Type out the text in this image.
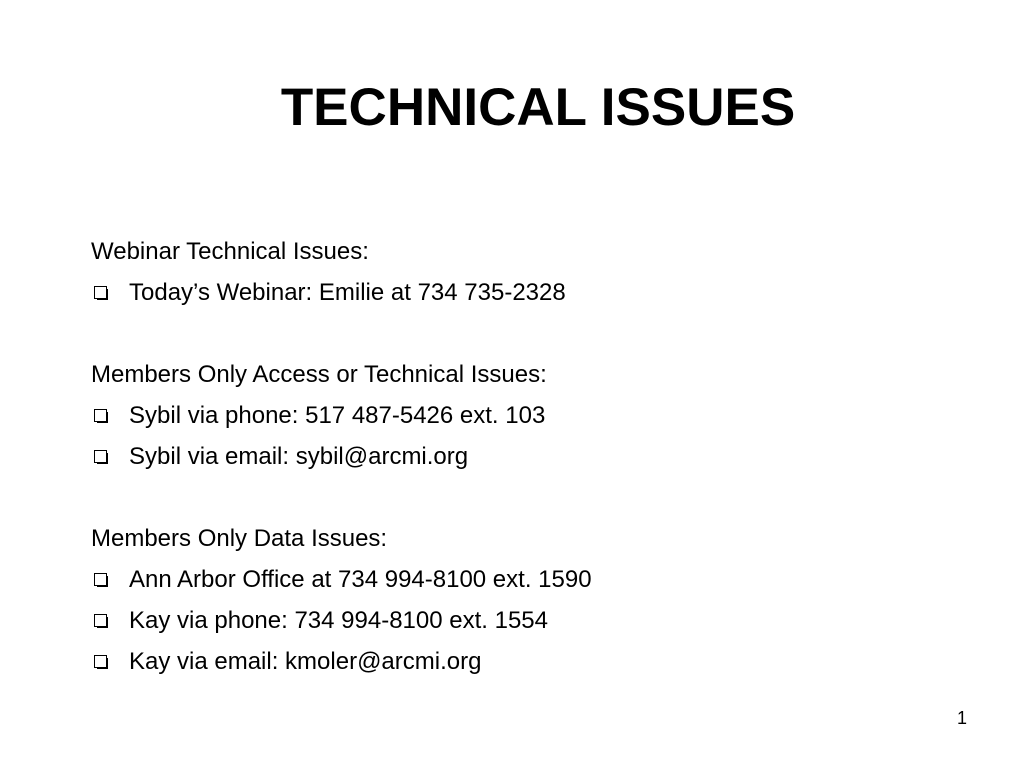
TECHNICAL ISSUES

Webinar Technical Issues:

Today’s Webinar: Emilie at 734 735-2328

Members Only Access or Technical Issues:

Sybil via phone: 517 487-5426 ext. 103
Sybil via email: sybil@arcmi.org

Members Only Data Issues:

Ann Arbor Office at 734 994-8100 ext. 1590
Kay via phone: 734 994-8100 ext. 1554
Kay via email: kmoler@arcmi.org
1
